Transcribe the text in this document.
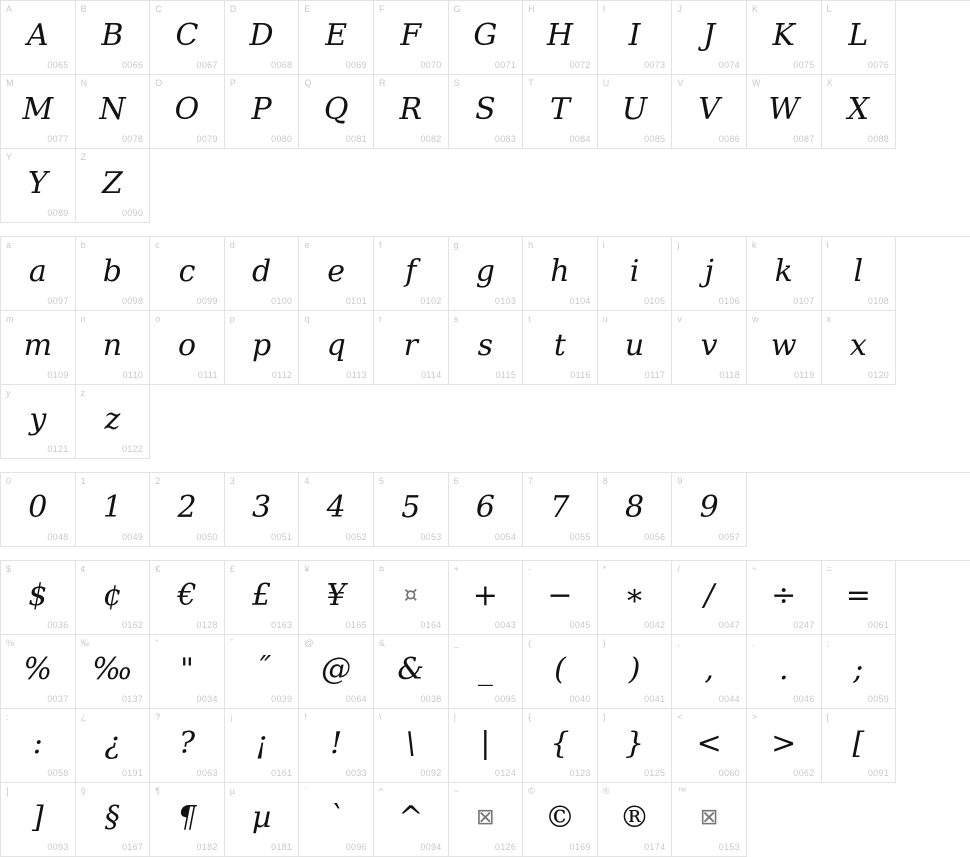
A
A
0065
B
B
0066
C
C
0067
D
D
0068
E
E
0069
F
F
0070
G
G
0071
H
H
0072
I
I
0073
J
J
0074
K
K
0075
L
L
0076
M
M
0077
N
N
0078
O
O
0079
P
P
0080
Q
Q
0081
R
R
0082
S
S
0083
T
T
0084
U
U
0085
V
V
0086
W
W
0087
X
X
0088
Y
Y
0089
Z
Z
0090
a
a
0097
b
b
0098
c
c
0099
d
d
0100
e
e
0101
f
f
0102
g
g
0103
h
h
0104
i
i
0105
j
j
0106
k
k
0107
l
l
0108
m
m
0109
n
n
0110
o
o
0111
p
p
0112
q
q
0113
r
r
0114
s
s
0115
t
t
0116
u
u
0117
v
v
0118
w
w
0119
x
x
0120
y
y
0121
z
z
0122
0
0
0048
1
1
0049
2
2
0050
3
3
0051
4
4
0052
5
5
0053
6
6
0054
7
7
0055
8
8
0056
9
9
0057
$
$
0036
¢
¢
0162
€
€
0128
£
£
0163
¥
¥
0165
¤
¤
0164
+
+
0043
-
−
0045
*
∗
0042
/
/
0047
÷
÷
0247
=
=
0061
%
%
0037
‰
‰
0137
"
"
0034
˝
˝
0039
@
@
0064
&
&
0038
_
_
0095
(
(
0040
)
)
0041
,
,
0044
.
.
0046
;
;
0059
:
:
0058
¿
¿
0191
?
?
0063
¡
¡
0161
!
!
0033
\
\
0092
|
|
0124
{
{
0123
}
}
0125
<
<
0060
>
>
0062
[
[
0091
]
]
0093
§
§
0167
¶
¶
0182
µ
µ
0181
`
`
0096
^
^
0094
~
⊠
0126
©
©
0169
®
®
0174
™
⊠
0153
